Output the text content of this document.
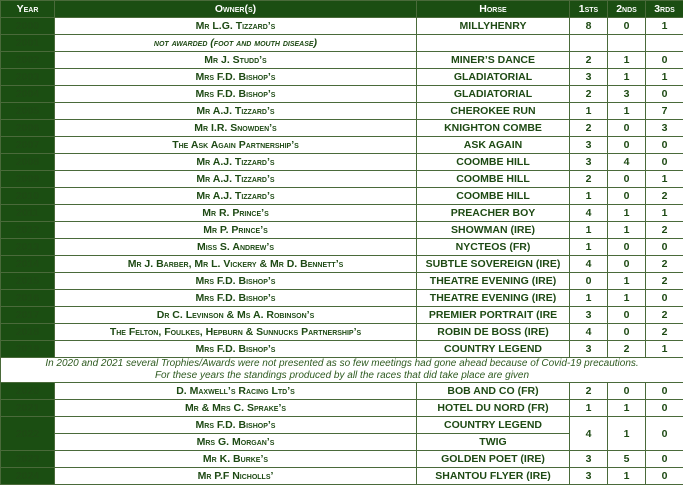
Year	Owner(s)	Horse	1sts	2nds	3rds
2000	Mr L.G. Tizzard’s	MILLYHENRY	8	0	1
2001	not awarded (foot and mouth disease)				
2002	Mr J. Studd’s	MINER’S DANCE	2	1	0
2003	Mrs F.D. Bishop’s	GLADIATORIAL	3	1	1
2004	Mrs F.D. Bishop’s	GLADIATORIAL	2	3	0
2005	Mr A.J. Tizzard’s	CHEROKEE RUN	1	1	7
2006	Mr I.R. Snowden’s	KNIGHTON COMBE	2	0	3
2007	The Ask Again Partnership’s	ASK AGAIN	3	0	0
2008	Mr A.J. Tizzard’s	COOMBE HILL	3	4	0
2009	Mr A.J. Tizzard’s	COOMBE HILL	2	0	1
2010	Mr A.J. Tizzard’s	COOMBE HILL	1	0	2
2011	Mr R. Prince’s	PREACHER BOY	4	1	1
2012	Mr P. Prince’s	SHOWMAN (IRE)	1	1	2
2013	Miss S. Andrew’s	NYCTEOS (FR)	1	0	0
2014	Mr J. Barber, Mr L. Vickery & Mr D. Bennett’s	SUBTLE SOVEREIGN (IRE)	4	0	2
2015	Mrs F.D. Bishop’s	THEATRE EVENING (IRE)	0	1	2
2016	Mrs F.D. Bishop’s	THEATRE EVENING (IRE)	1	1	0
2017	Dr C. Levinson & Ms A. Robinson’s	PREMIER PORTRAIT (IRE	3	0	2
2018	The Felton, Foulkes, Hepburn & Sunnucks Partnership’s	ROBIN DE BOSS (IRE)	4	0	2
2019	Mrs F.D. Bishop’s	COUNTRY LEGEND	3	2	1
In 2020 and 2021 several Trophies/Awards were not presented as so few meetings had gone ahead because of Covid-19 precautions.
For these years the standings produced by all the races that did take place are given					
2020	D. Maxwell’s Racing Ltd’s	BOB AND CO (FR)	2	0	0
2021	Mr & Mrs C. Sprake’s	HOTEL DU NORD (FR)	1	1	0
2022	Mrs F.D. Bishop’s	COUNTRY LEGEND	4	1	0
	Mrs G. Morgan’s	TWIG			
2023	Mr K. Burke’s	GOLDEN POET (IRE)	3	5	0
2024	Mr P.F Nicholls’	SHANTOU FLYER (IRE)	3	1	0
